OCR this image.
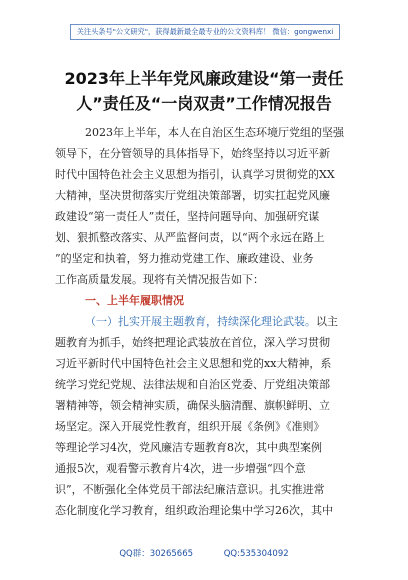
关注头条号"公文研究"，获得最新最全最专业的公文资料库！ 微信：gongwenxi
2023年上半年党风廉政建设“第一责任
人”责任及“一岗双责”工作情况报告
2023年上半年，本人在自治区生态环境厅党组的坚强
领导下，在分管领导的具体指导下，始终坚持以习近平新
时代中国特色社会主义思想为指引，认真学习贯彻党的XX
大精神，坚决贯彻落实厅党组决策部署，切实扛起党风廉
政建设“第一责任人”责任，坚持问题导向、加强研究谋
划、狠抓整改落实、从严监督问责，以“两个永远在路上
”的坚定和执着，努力推动党建工作、廉政建设、业务
工作高质量发展。现将有关情况报告如下：
一、上半年履职情况
（一）扎实开展主题教育，持续深化理论武装。以主
题教育为抓手，始终把理论武装放在首位，深入学习贯彻
习近平新时代中国特色社会主义思想和党的xx大精神，系
统学习党纪党规、法律法规和自治区党委、厅党组决策部
署精神等，领会精神实质，确保头脑清醒、旗帜鲜明、立
场坚定。深入开展党性教育，组织开展《条例》《准则》
等理论学习4次，党风廉洁专题教育8次，其中典型案例
通报5次，观看警示教育片4次，进一步增强“四个意
识”，不断强化全体党员干部法纪廉洁意识。扎实推进常
态化制度化学习教育，组织政治理论集中学习26次，其中
QQ群：30265665	QQ:535304092
